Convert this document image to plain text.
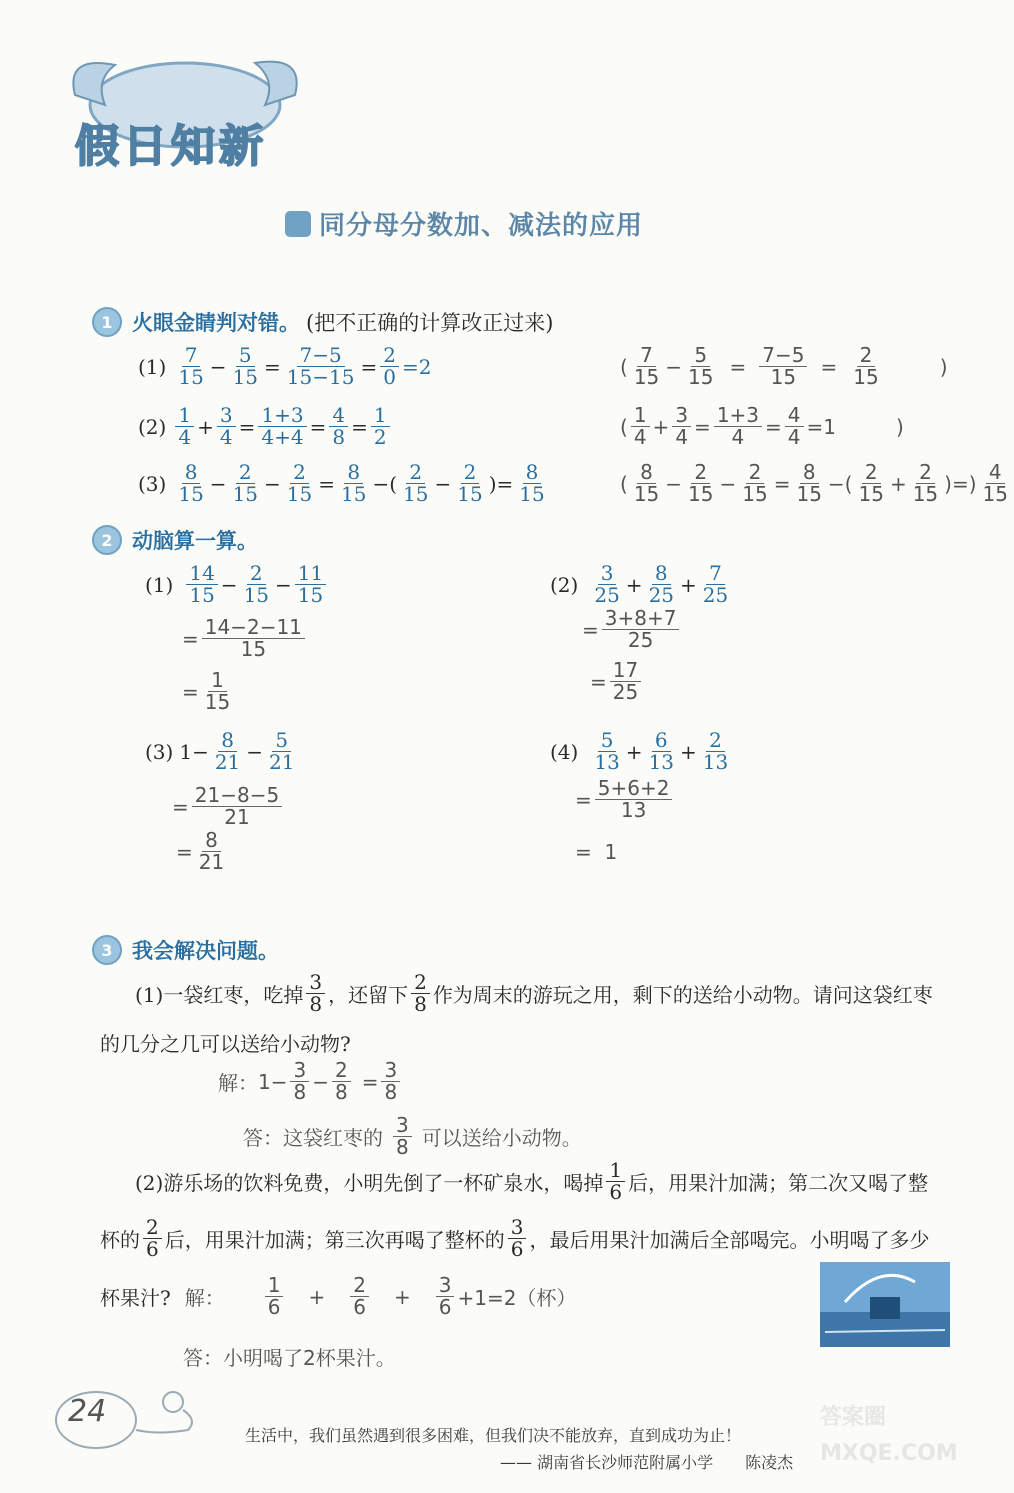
假日知新
同分母分数加、减法的应用
1 火眼金睛判对错。 (把不正确的计算改正过来)
$(1) \frac{7}{15} - \frac{5}{15} = \frac{7-5}{15-15} = \frac{2}{0} =2$	( $\frac{7}{15} - \frac{5}{15} = \frac{7-5}{15} = \frac{2}{15}$	)
$(2) \frac{1}{4} + \frac{3}{4} = \frac{1+3}{4+4} = \frac{4}{8} = \frac{1}{2}$	( $\frac{1}{4} + \frac{3}{4} = \frac{1+3}{4} = \frac{4}{4} =1$	)
$(3) \frac{8}{15} - \frac{2}{15} - \frac{2}{15} = \frac{8}{15}$ −( $\frac{2}{15} - \frac{2}{15}$ )= $\frac{8}{15}$	( $\frac{8}{15} - \frac{2}{15} - \frac{2}{15} = \frac{8}{15}$ −( $\frac{2}{15} + \frac{2}{15}$ )=) $\frac{4}{15}$
2 动脑算一算。
$(1) \frac{14}{15} - \frac{2}{15} - \frac{11}{15}$
= $\frac{14-2-11}{15}$
= $\frac{1}{15}$
$(2) \frac{3}{25} + \frac{8}{25} + \frac{7}{25}$
= $\frac{3+8+7}{25}$
= $\frac{17}{25}$
(3) $1- \frac{8}{21} - \frac{5}{21}$
= $\frac{21-8-5}{21}$
= $\frac{8}{21}$
$(4) \frac{5}{13} + \frac{6}{13} + \frac{2}{13}$
= $\frac{5+6+2}{13}$
=  1
3 我会解决问题。
(1)一袋红枣，吃掉 $\frac{3}{8}$ ，还留下 $\frac{2}{8}$ 作为周末的游玩之用，剩下的送给小动物。请问这袋红枣
的几分之几可以送给小动物?
解： $1- \frac{3}{8} - \frac{2}{8} = \frac{3}{8}$
答：这袋红枣的 $\frac{3}{8}$ 可以送给小动物。
(2)游乐场的饮料免费，小明先倒了一杯矿泉水，喝掉 $\frac{1}{6}$ 后，用果汁加满；第二次又喝了整
杯的 $\frac{2}{6}$ 后，用果汁加满；第三次再喝了整杯的 $\frac{3}{6}$ ，最后用果汁加满后全部喝完。小明喝了多少
杯果汁? 解： $\frac{1}{6} + \frac{2}{6} + \frac{3}{6} +1=2$（杯）
答：小明喝了2杯果汁。
24
生活中，我们虽然遇到很多困难，但我们决不能放弃，直到成功为止！
—— 湖南省长沙师范附属小学　　陈凌杰
答案圈 MXQE.COM
